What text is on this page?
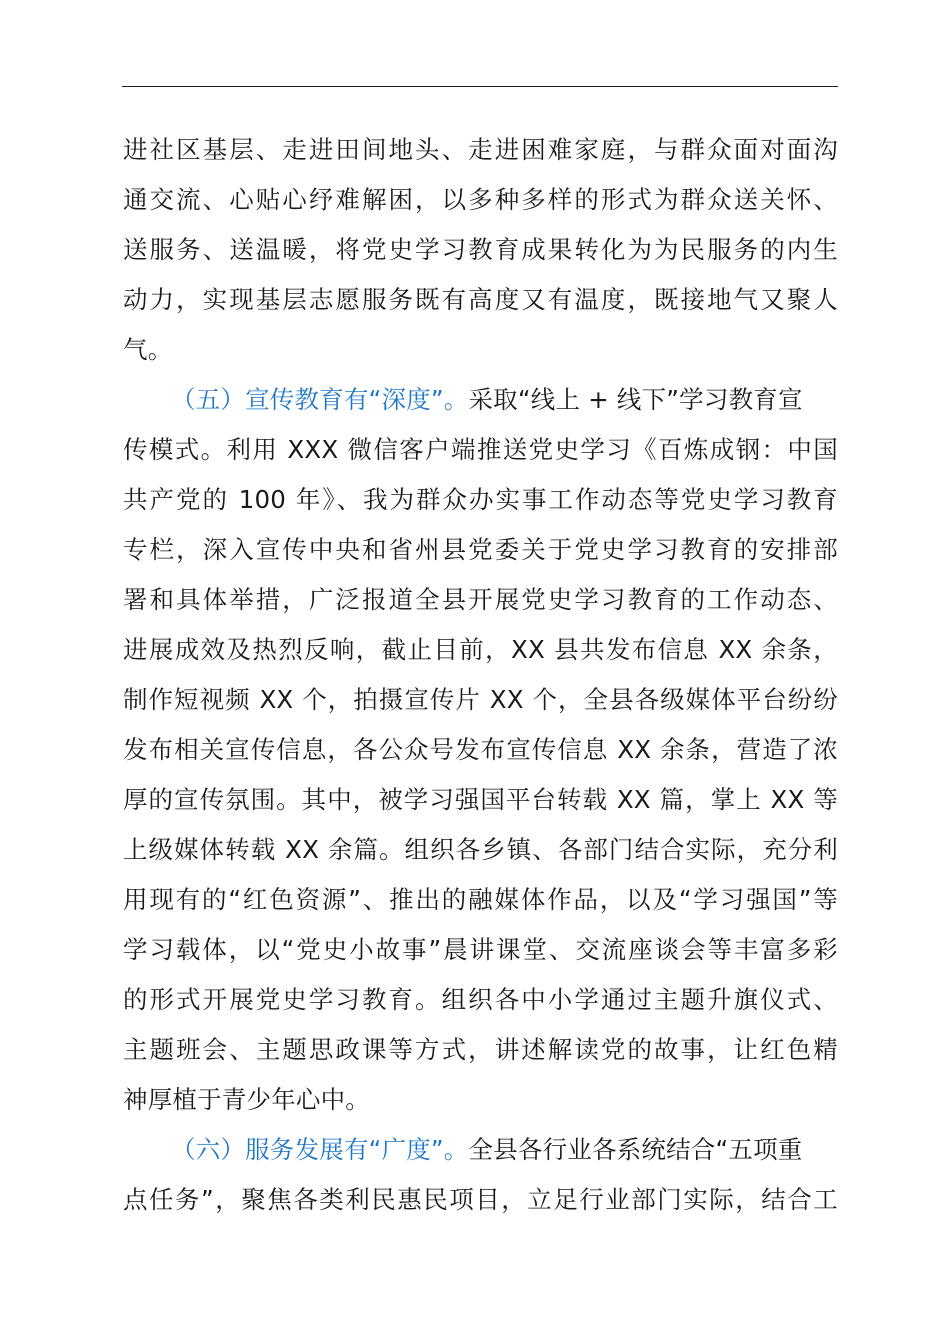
进社区基层、走进田间地头、走进困难家庭，与群众面对面沟
通交流、心贴心纾难解困，以多种多样的形式为群众送关怀、
送服务、送温暖，将党史学习教育成果转化为为民服务的内生
动力，实现基层志愿服务既有高度又有温度，既接地气又聚人
气。
（五）宣传教育有“深度”。采取“线上 + 线下”学习教育宣
传模式。利用 XXX 微信客户端推送党史学习《百炼成钢：中国
共产党的 100 年》、我为群众办实事工作动态等党史学习教育
专栏，深入宣传中央和省州县党委关于党史学习教育的安排部
署和具体举措，广泛报道全县开展党史学习教育的工作动态、
进展成效及热烈反响，截止目前，XX 县共发布信息 XX 余条，
制作短视频 XX 个，拍摄宣传片 XX 个，全县各级媒体平台纷纷
发布相关宣传信息，各公众号发布宣传信息 XX 余条，营造了浓
厚的宣传氛围。其中，被学习强国平台转载 XX 篇，掌上 XX 等
上级媒体转载 XX 余篇。组织各乡镇、各部门结合实际，充分利
用现有的“红色资源”、推出的融媒体作品，以及“学习强国”等
学习载体，以“党史小故事”晨讲课堂、交流座谈会等丰富多彩
的形式开展党史学习教育。组织各中小学通过主题升旗仪式、
主题班会、主题思政课等方式，讲述解读党的故事，让红色精
神厚植于青少年心中。
（六）服务发展有“广度”。全县各行业各系统结合“五项重
点任务”，聚焦各类利民惠民项目，立足行业部门实际，结合工
